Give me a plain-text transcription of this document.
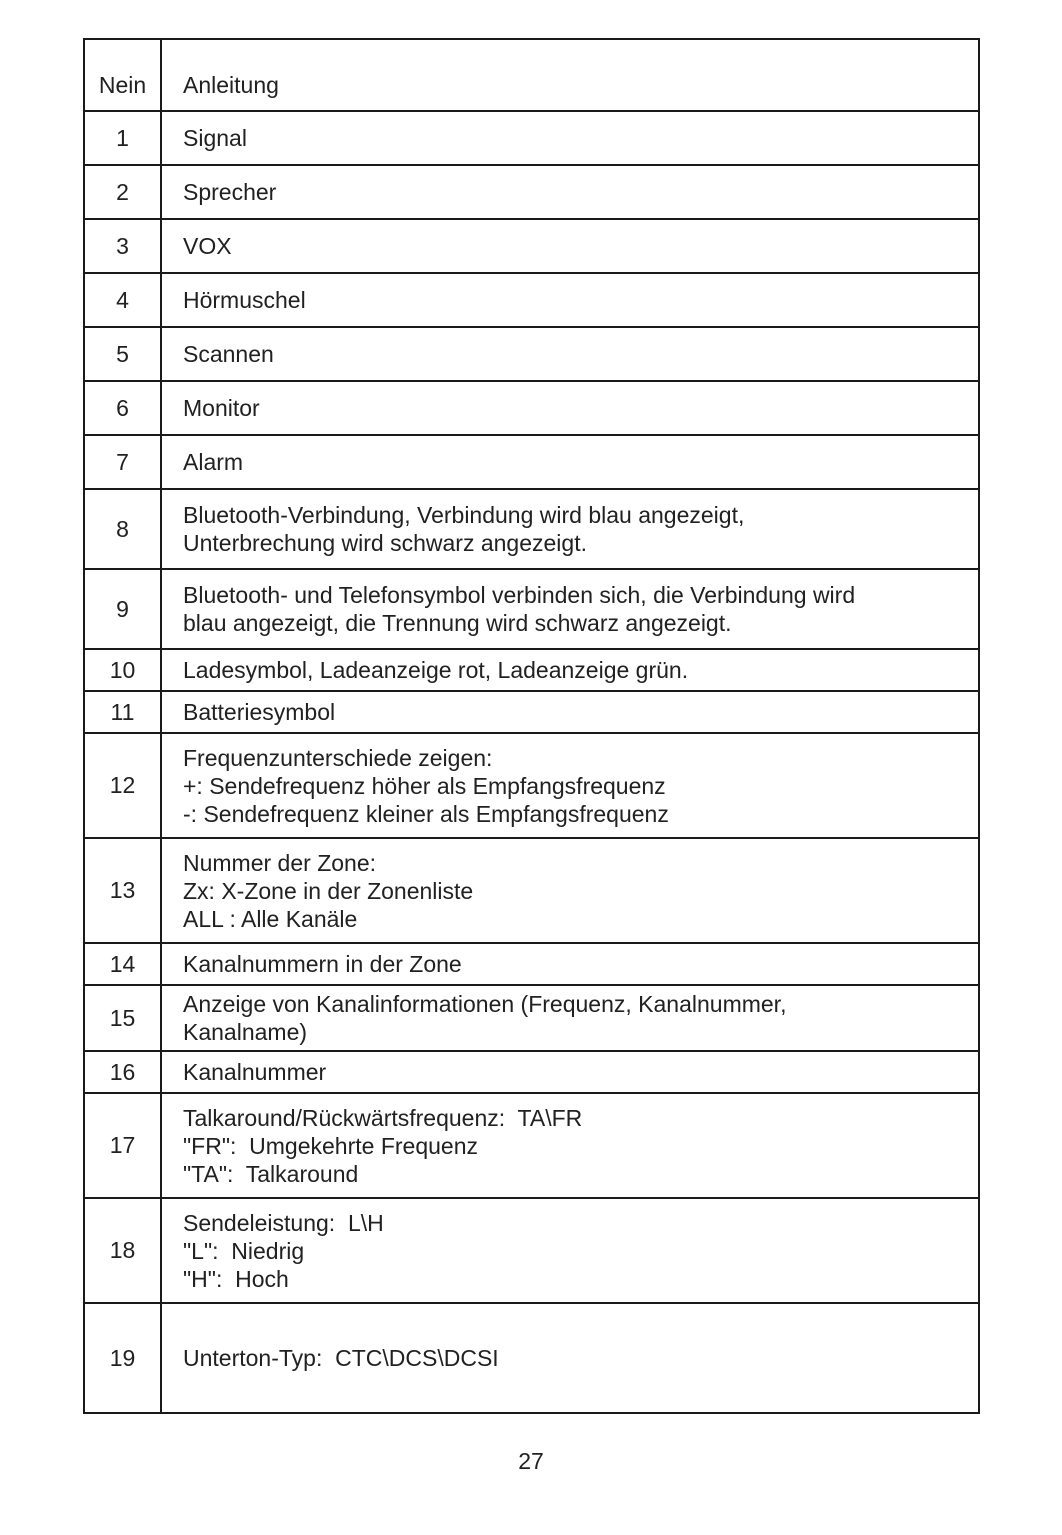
Nein	Anleitung
1	Signal

2	Sprecher

3	VOX

4	Hörmuschel

5	Scannen

6	Monitor

7	Alarm

8	Bluetooth-Verbindung, Verbindung wird blau angezeigt,
Unterbrechung wird schwarz angezeigt.

9	Bluetooth- und Telefonsymbol verbinden sich, die Verbindung wird
blau angezeigt, die Trennung wird schwarz angezeigt.

10	Ladesymbol, Ladeanzeige rot, Ladeanzeige grün.

11	Batteriesymbol

12	Frequenzunterschiede zeigen:
+: Sendefrequenz höher als Empfangsfrequenz
-: Sendefrequenz kleiner als Empfangsfrequenz

13	Nummer der Zone:
Zx: X-Zone in der Zonenliste
ALL : Alle Kanäle

14	Kanalnummern in der Zone

15	Anzeige von Kanalinformationen (Frequenz, Kanalnummer,
Kanalname)

16	Kanalnummer

17	Talkaround/Rückwärtsfrequenz:  TA\FR
"FR":  Umgekehrte Frequenz
"TA":  Talkaround

18	Sendeleistung:  L\H
"L":  Niedrig
"H":  Hoch

19	Unterton-Typ:  CTC\DCS\DCSI
27
